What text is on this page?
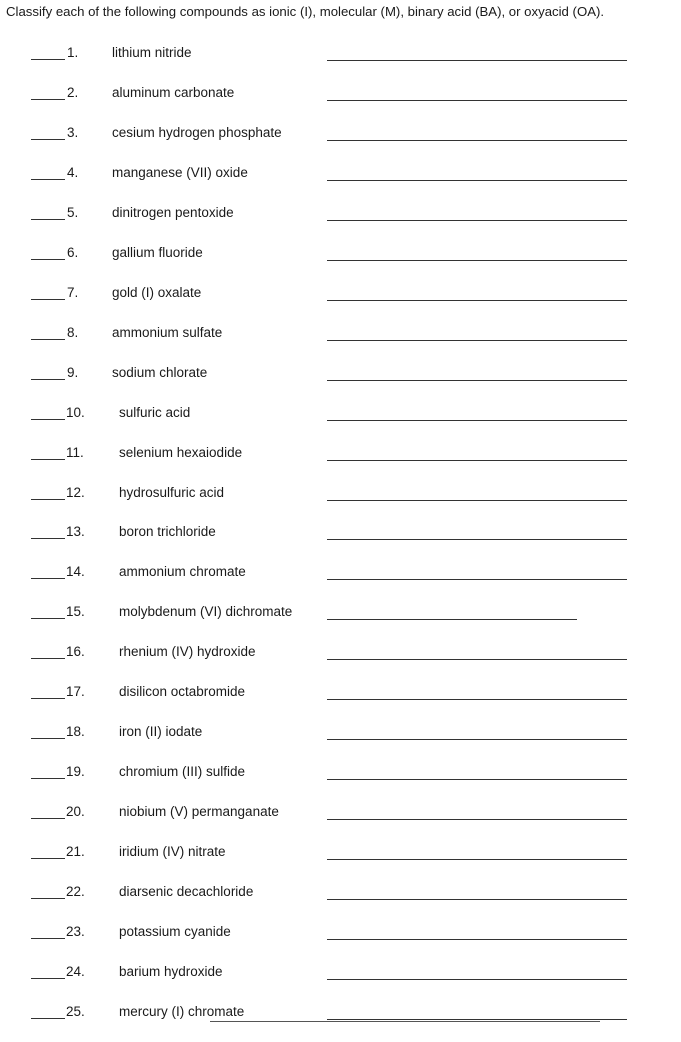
Classify each of the following compounds as ionic (I), molecular (M), binary acid (BA), or oxyacid (OA).
1. lithium nitride
2. aluminum carbonate
3. cesium hydrogen phosphate
4. manganese (VII) oxide
5. dinitrogen pentoxide
6. gallium fluoride
7. gold (I) oxalate
8. ammonium sulfate
9. sodium chlorate
10.	sulfuric acid
11.	selenium hexaiodide
12.	hydrosulfuric acid
13.	boron trichloride
14.	ammonium chromate
15.	molybdenum (VI) dichromate
16.	rhenium (IV) hydroxide
17.	disilicon octabromide
18.	iron (II) iodate
19.	chromium (III) sulfide
20.	niobium (V) permanganate
21.	iridium (IV) nitrate
22.	diarsenic decachloride
23.	potassium cyanide
24.	barium hydroxide
25.	mercury (I) chromate
